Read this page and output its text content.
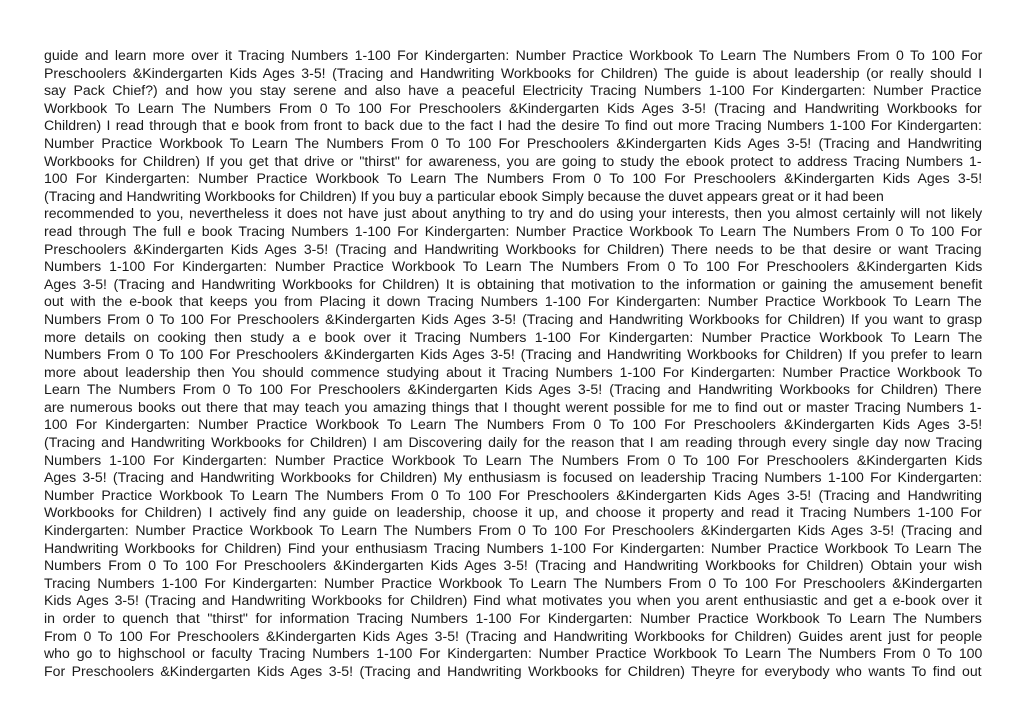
guide and learn more over it Tracing Numbers 1-100 For Kindergarten: Number Practice Workbook To Learn The Numbers From 0 To 100 For
Preschoolers &Kindergarten Kids Ages 3-5! (Tracing and Handwriting Workbooks for Children) The guide is about leadership (or really should I
say Pack Chief?) and how you stay serene and also have a peaceful Electricity Tracing Numbers 1-100 For Kindergarten: Number Practice
Workbook To Learn The Numbers From 0 To 100 For Preschoolers &Kindergarten Kids Ages 3-5! (Tracing and Handwriting Workbooks for
Children) I read through that e book from front to back due to the fact I had the desire To find out more Tracing Numbers 1-100 For Kindergarten:
Number Practice Workbook To Learn The Numbers From 0 To 100 For Preschoolers &Kindergarten Kids Ages 3-5! (Tracing and Handwriting
Workbooks for Children) If you get that drive or "thirst" for awareness, you are going to study the ebook protect to address Tracing Numbers 1-
100 For Kindergarten: Number Practice Workbook To Learn The Numbers From 0 To 100 For Preschoolers &Kindergarten Kids Ages 3-5!
(Tracing and Handwriting Workbooks for Children) If you buy a particular ebook Simply because the duvet appears great or it had been
recommended to you, nevertheless it does not have just about anything to try and do using your interests, then you almost certainly will not likely
read through The full e book Tracing Numbers 1-100 For Kindergarten: Number Practice Workbook To Learn The Numbers From 0 To 100 For
Preschoolers &Kindergarten Kids Ages 3-5! (Tracing and Handwriting Workbooks for Children) There needs to be that desire or want Tracing
Numbers 1-100 For Kindergarten: Number Practice Workbook To Learn The Numbers From 0 To 100 For Preschoolers &Kindergarten Kids
Ages 3-5! (Tracing and Handwriting Workbooks for Children) It is obtaining that motivation to the information or gaining the amusement benefit
out with the e-book that keeps you from Placing it down Tracing Numbers 1-100 For Kindergarten: Number Practice Workbook To Learn The
Numbers From 0 To 100 For Preschoolers &Kindergarten Kids Ages 3-5! (Tracing and Handwriting Workbooks for Children) If you want to grasp
more details on cooking then study a e book over it Tracing Numbers 1-100 For Kindergarten: Number Practice Workbook To Learn The
Numbers From 0 To 100 For Preschoolers &Kindergarten Kids Ages 3-5! (Tracing and Handwriting Workbooks for Children) If you prefer to learn
more about leadership then You should commence studying about it Tracing Numbers 1-100 For Kindergarten: Number Practice Workbook To
Learn The Numbers From 0 To 100 For Preschoolers &Kindergarten Kids Ages 3-5! (Tracing and Handwriting Workbooks for Children) There
are numerous books out there that may teach you amazing things that I thought werent possible for me to find out or master Tracing Numbers 1-
100 For Kindergarten: Number Practice Workbook To Learn The Numbers From 0 To 100 For Preschoolers &Kindergarten Kids Ages 3-5!
(Tracing and Handwriting Workbooks for Children) I am Discovering daily for the reason that I am reading through every single day now Tracing
Numbers 1-100 For Kindergarten: Number Practice Workbook To Learn The Numbers From 0 To 100 For Preschoolers &Kindergarten Kids
Ages 3-5! (Tracing and Handwriting Workbooks for Children) My enthusiasm is focused on leadership Tracing Numbers 1-100 For Kindergarten:
Number Practice Workbook To Learn The Numbers From 0 To 100 For Preschoolers &Kindergarten Kids Ages 3-5! (Tracing and Handwriting
Workbooks for Children) I actively find any guide on leadership, choose it up, and choose it property and read it Tracing Numbers 1-100 For
Kindergarten: Number Practice Workbook To Learn The Numbers From 0 To 100 For Preschoolers &Kindergarten Kids Ages 3-5! (Tracing and
Handwriting Workbooks for Children) Find your enthusiasm Tracing Numbers 1-100 For Kindergarten: Number Practice Workbook To Learn The
Numbers From 0 To 100 For Preschoolers &Kindergarten Kids Ages 3-5! (Tracing and Handwriting Workbooks for Children) Obtain your wish
Tracing Numbers 1-100 For Kindergarten: Number Practice Workbook To Learn The Numbers From 0 To 100 For Preschoolers &Kindergarten
Kids Ages 3-5! (Tracing and Handwriting Workbooks for Children) Find what motivates you when you arent enthusiastic and get a e-book over it
in order to quench that "thirst" for information Tracing Numbers 1-100 For Kindergarten: Number Practice Workbook To Learn The Numbers
From 0 To 100 For Preschoolers &Kindergarten Kids Ages 3-5! (Tracing and Handwriting Workbooks for Children) Guides arent just for people
who go to highschool or faculty Tracing Numbers 1-100 For Kindergarten: Number Practice Workbook To Learn The Numbers From 0 To 100
For Preschoolers &Kindergarten Kids Ages 3-5! (Tracing and Handwriting Workbooks for Children) Theyre for everybody who wants To find out
